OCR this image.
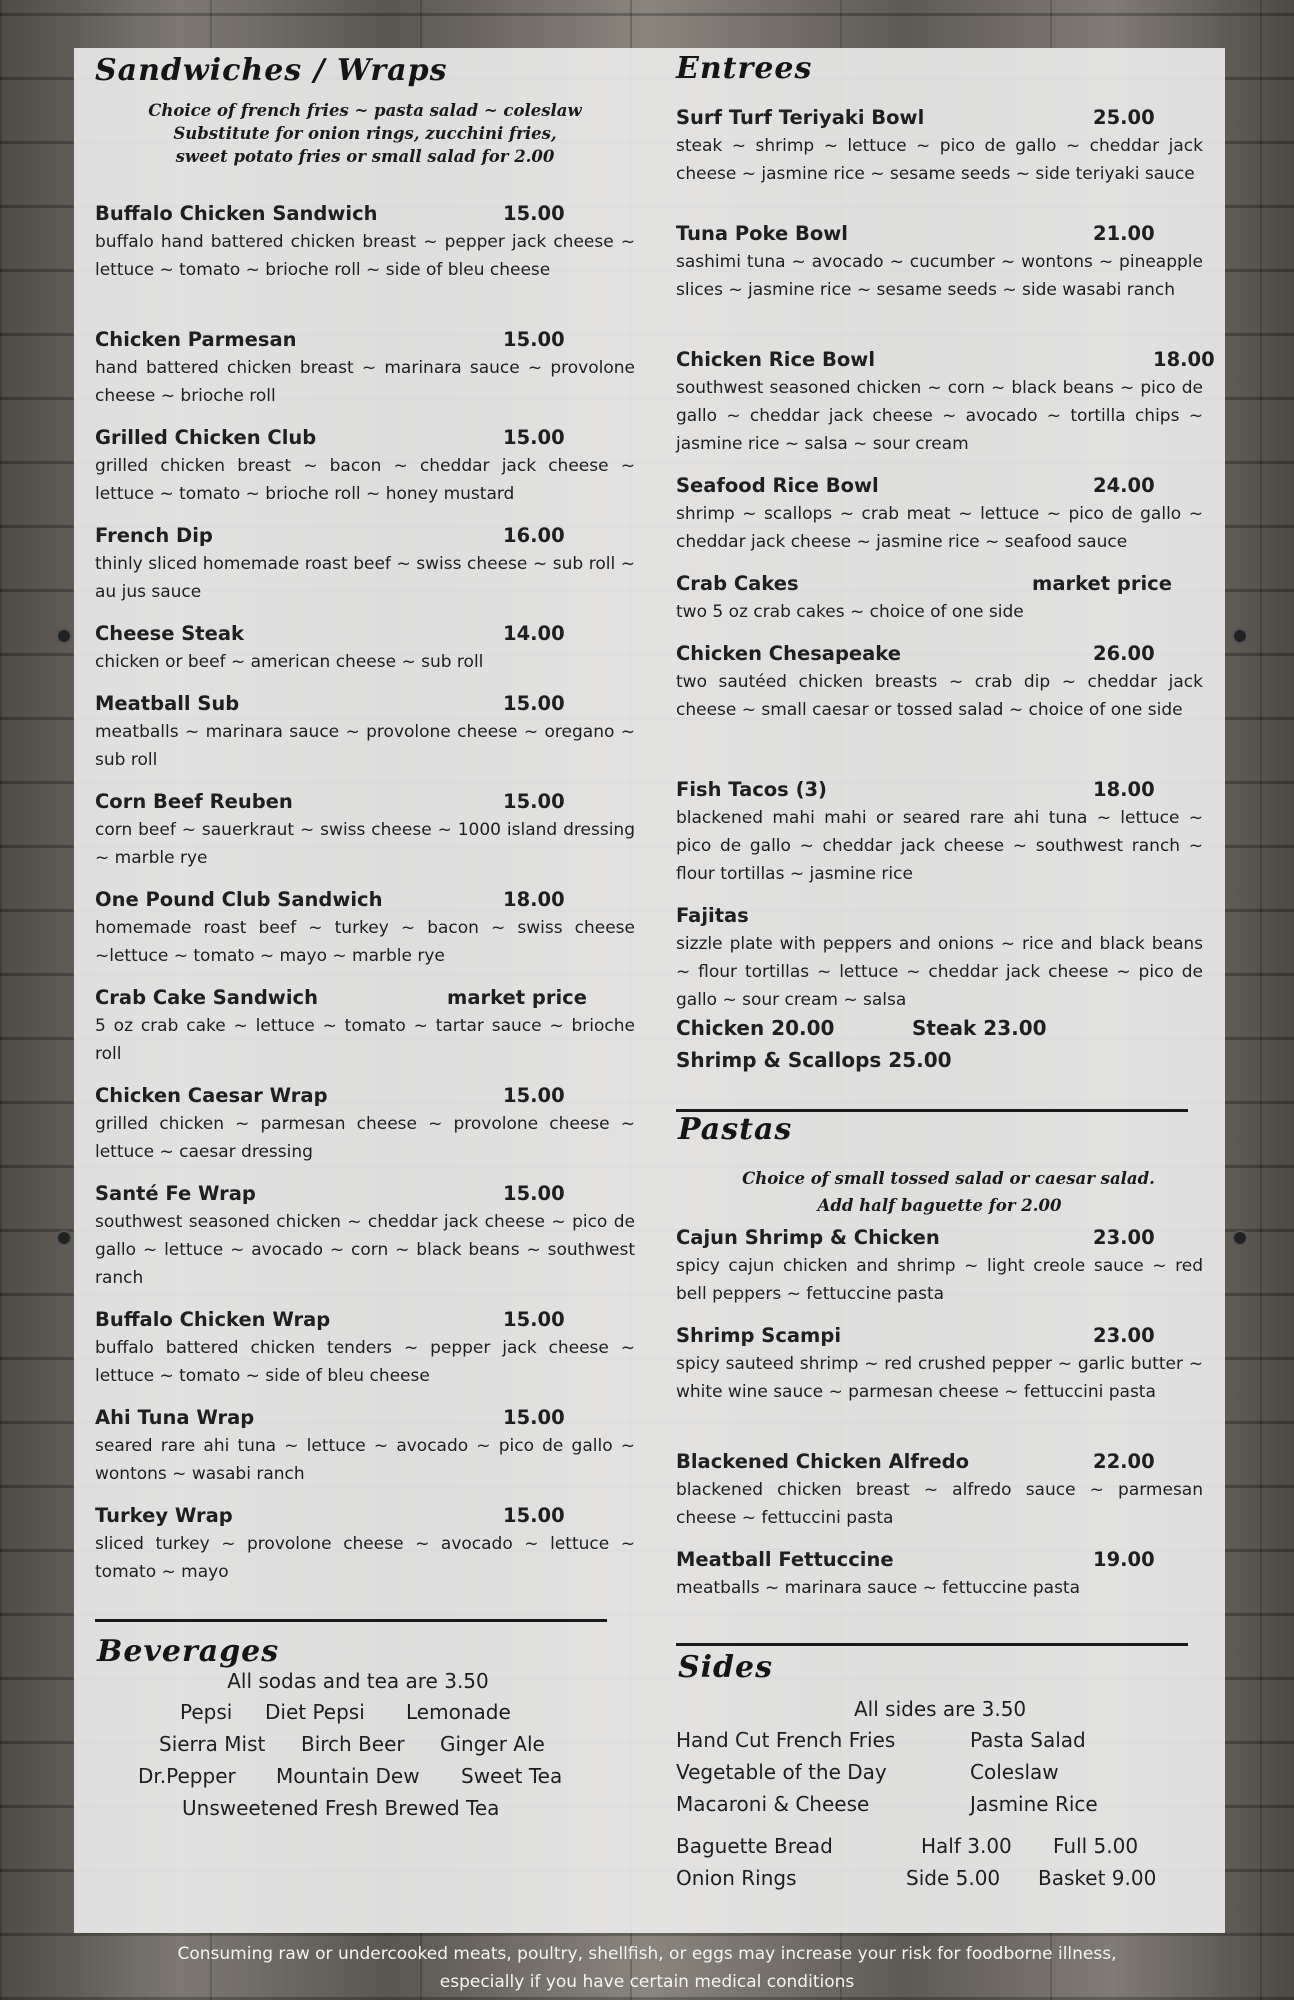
Sandwiches / Wraps
Choice of french fries ~ pasta salad ~ coleslaw
Substitute for onion rings, zucchini fries,
sweet potato fries or small salad for 2.00
Buffalo Chicken Sandwich	15.00
buffalo hand battered chicken breast ~ pepper jack cheese ~ lettuce ~ tomato ~ brioche roll ~ side of bleu cheese
Chicken Parmesan	15.00
hand battered chicken breast ~ marinara sauce ~ provolone cheese ~ brioche roll
Grilled Chicken Club	15.00
grilled chicken breast ~ bacon ~ cheddar jack cheese ~ lettuce ~ tomato ~ brioche roll ~ honey mustard
French Dip	16.00
thinly sliced homemade roast beef ~ swiss cheese ~ sub roll ~ au jus sauce
Cheese Steak	14.00
chicken or beef ~ american cheese ~ sub roll
Meatball Sub	15.00
meatballs ~ marinara sauce ~ provolone cheese ~ oregano ~ sub roll
Corn Beef Reuben	15.00
corn beef ~ sauerkraut ~ swiss cheese ~ 1000 island dressing ~ marble rye
One Pound Club Sandwich	18.00
homemade roast beef ~ turkey ~ bacon ~ swiss cheese ~lettuce ~ tomato ~ mayo ~ marble rye
Crab Cake Sandwich	market price
5 oz crab cake ~ lettuce ~ tomato ~ tartar sauce ~ brioche roll
Chicken Caesar Wrap	15.00
grilled chicken ~ parmesan cheese ~ provolone cheese ~ lettuce ~ caesar dressing
Santé Fe Wrap	15.00
southwest seasoned chicken ~ cheddar jack cheese ~ pico de gallo ~ lettuce ~ avocado ~ corn ~ black beans ~ southwest ranch
Buffalo Chicken Wrap	15.00
buffalo battered chicken tenders ~ pepper jack cheese ~ lettuce ~ tomato ~ side of bleu cheese
Ahi Tuna Wrap	15.00
seared rare ahi tuna ~ lettuce ~ avocado ~ pico de gallo ~ wontons ~ wasabi ranch
Turkey Wrap	15.00
sliced turkey ~ provolone cheese ~ avocado ~ lettuce ~ tomato ~ mayo
Beverages
All sodas and tea are 3.50
Pepsi Diet Pepsi Lemonade
Sierra Mist Birch Beer Ginger Ale
Dr.Pepper Mountain Dew Sweet Tea
Unsweetened Fresh Brewed Tea
Entrees
Surf Turf Teriyaki Bowl	25.00
steak ~ shrimp ~ lettuce ~ pico de gallo ~ cheddar jack cheese ~ jasmine rice ~ sesame seeds ~ side teriyaki sauce
Tuna Poke Bowl	21.00
sashimi tuna ~ avocado ~ cucumber ~ wontons ~ pineapple slices ~ jasmine rice ~ sesame seeds ~ side wasabi ranch
Chicken Rice Bowl	18.00
southwest seasoned chicken ~ corn ~ black beans ~ pico de gallo ~ cheddar jack cheese ~ avocado ~ tortilla chips ~ jasmine rice ~ salsa ~ sour cream
Seafood Rice Bowl	24.00
shrimp ~ scallops ~ crab meat ~ lettuce ~ pico de gallo ~ cheddar jack cheese ~ jasmine rice ~ seafood sauce
Crab Cakes	market price
two 5 oz crab cakes ~ choice of one side
Chicken Chesapeake	26.00
two sautéed chicken breasts ~ crab dip ~ cheddar jack cheese ~ small caesar or tossed salad ~ choice of one side
Fish Tacos (3)	18.00
blackened mahi mahi or seared rare ahi tuna ~ lettuce ~ pico de gallo ~ cheddar jack cheese ~ southwest ranch ~ flour tortillas ~ jasmine rice
Fajitas
sizzle plate with peppers and onions ~ rice and black beans ~ flour tortillas ~ lettuce ~ cheddar jack cheese ~ pico de gallo ~ sour cream ~ salsa
Chicken 20.00	Steak 23.00
Shrimp & Scallops 25.00
Pastas
Choice of small tossed salad or caesar salad.
Add half baguette for 2.00
Cajun Shrimp & Chicken	23.00
spicy cajun chicken and shrimp ~ light creole sauce ~ red bell peppers ~ fettuccine pasta
Shrimp Scampi	23.00
spicy sauteed shrimp ~ red crushed pepper ~ garlic butter ~ white wine sauce ~ parmesan cheese ~ fettuccini pasta
Blackened Chicken Alfredo	22.00
blackened chicken breast ~ alfredo sauce ~ parmesan cheese ~ fettuccini pasta
Meatball Fettuccine	19.00
meatballs ~ marinara sauce ~ fettuccine pasta
Sides
All sides are 3.50
Hand Cut French Fries	Pasta Salad
Vegetable of the Day	Coleslaw
Macaroni & Cheese	Jasmine Rice
Baguette Bread	Half 3.00 Full 5.00
Onion Rings	Side 5.00 Basket 9.00
Consuming raw or undercooked meats, poultry, shellfish, or eggs may increase your risk for foodborne illness,
especially if you have certain medical conditions
